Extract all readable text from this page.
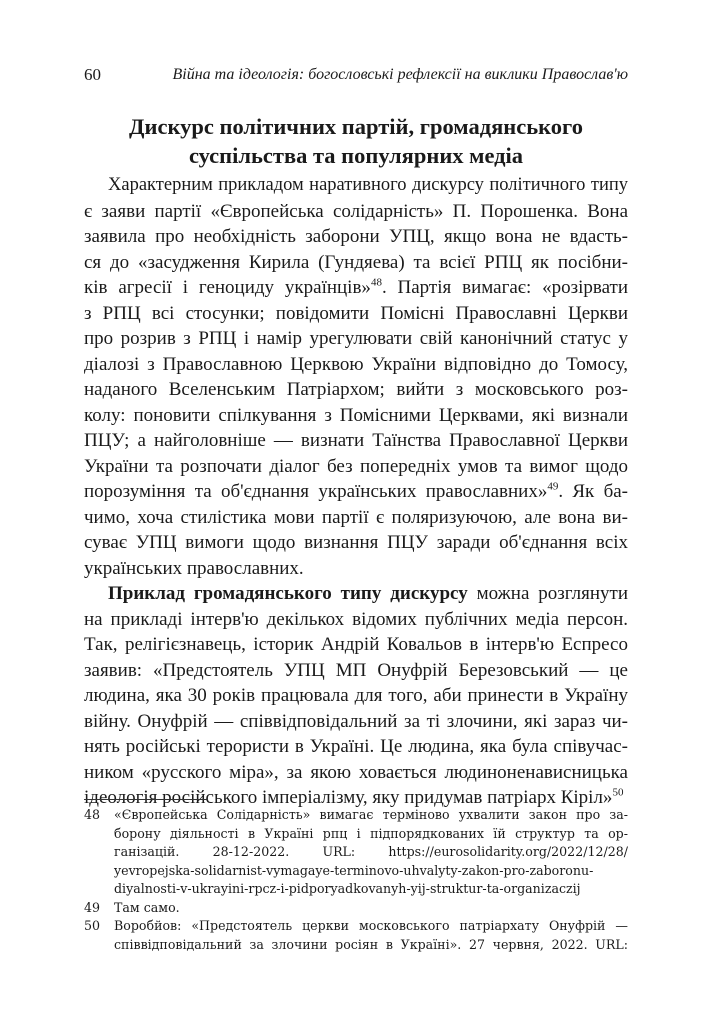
60	Війна та ідеологія: богословські рефлексії на виклики Православ'ю
Дискурс політичних партій, громадянського
суспільства та популярних медіа
Характерним прикладом наративного дискурсу політичного типу
є заяви партії «Європейська солідарність» П. Порошенка. Вона
заявила про необхідність заборони УПЦ, якщо вона не вдасть-
ся до «засудження Кирила (Гундяева) та всієї РПЦ як посібни-
ків агресії і геноциду українців»$^{48}$. Партія вимагає: «розірвати
з РПЦ всі стосунки; повідомити Помісні Православні Церкви
про розрив з РПЦ і намір урегулювати свій канонічний статус у
діалозі з Православною Церквою України відповідно до Томосу,
наданого Вселенським Патріархом; вийти з московського роз-
колу: поновити спілкування з Помісними Церквами, які визнали
ПЦУ; а найголовніше — визнати Таїнства Православної Церкви
України та розпочати діалог без попередніх умов та вимог щодо
порозуміння та об'єднання українських православних»$^{49}$. Як ба-
чимо, хоча стилістика мови партії є поляризуючою, але вона ви-
суває УПЦ вимоги щодо визнання ПЦУ заради об'єднання всіх
українських православних.
Приклад громадянського типу дискурсу можна розглянути
на прикладі інтерв'ю декількох відомих публічних медіа персон.
Так, релігієзнавець, історик Андрій Ковальов в інтерв'ю Еспресо
заявив: «Предстоятель УПЦ МП Онуфрій Березовський — це
людина, яка 30 років працювала для того, аби принести в Україну
війну. Онуфрій — співвідповідальний за ті злочини, які зараз чи-
нять російські терористи в Україні. Це людина, яка була співучас-
ником «русского міра», за якою ховається людиноненависницька
ідеологія російського імперіалізму, яку придумав патріарх Кіріл»$^{50}$
48	«Європейська Солідарність» вимагає терміново ухвалити закон про за-
борону діяльності в Україні рпц і підпорядкованих їй структур та ор-
ганізацій. 28-12-2022. URL: https://eurosolidarity.org/2022/12/28/
yevropejska-solidarnist-vymagaye-terminovo-uhvalyty-zakon-pro-zaboronu-
diyalnosti-v-ukrayini-rpcz-i-pidporyadkovanyh-yij-struktur-ta-organizaczij
49	Там само.
50	Воробйов: «Предстоятель церкви московського патріархату Онуфрій —
співвідповідальний за злочини росіян в Україні». 27 червня, 2022. URL:
